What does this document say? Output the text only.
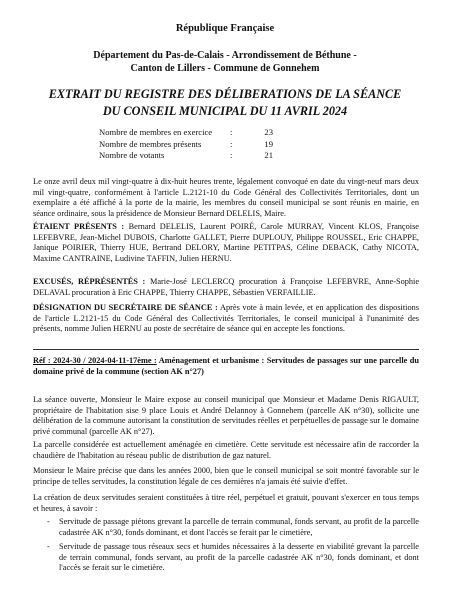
République Française
Département du Pas-de-Calais - Arrondissement de Béthune -
Canton de Lillers - Commune de Gonnehem
EXTRAIT DU REGISTRE DES DÉLIBERATIONS DE LA SÉANCE
DU CONSEIL MUNICIPAL DU 11 AVRIL 2024
Nombre de membres en exercice :	23
Nombre de membres présents	:	19
Nombre de votants	:	21

Le onze avril deux mil vingt-quatre à dix-huit heures trente, légalement convoqué en date du vingt-neuf mars deux mil vingt-quatre, conformément à l'article L.2121-10 du Code Général des Collectivités Territoriales, dont un exemplaire a été affiché à la porte de la mairie, les membres du conseil municipal se sont réunis en mairie, en séance ordinaire, sous la présidence de Monsieur Bernard DELELIS, Maire.

ÉTAIENT PRÉSENTS : Bernard DELELIS, Laurent POIRÉ, Carole MURRAY, Vincent KLOS, Françoise LEFEBVRE, Jean-Michel DUBOIS, Charlotte GALLET, Pierre DUPLOUY, Philippe ROUSSEL, Eric CHAPPE, Janique POIRIER, Thierry HUE, Bertrand DELORY, Martine PETITPAS, Céline DEBACK, Cathy NICOTA, Maxime CANTRAINE, Ludivine TAFFIN, Julien HERNU.

EXCUSÉS, RÉPRÉSENTÉS : Marie-José LECLERCQ procuration à Françoise LEFEBVRE, Anne-Sophie DELAVAL procuration à Eric CHAPPE, Thierry CHAPPE, Sébastien VERFAILLIE.

DÉSIGNATION DU SECRÉTAIRE DE SÉANCE : Après vote à main levée, et en application des dispositions de l'article L.2121-15 du Code Général des Collectivités Territoriales, le conseil municipal à l'unanimité des présents, nomme Julien HERNU au poste de secrétaire de séance qui en accepte les fonctions.

Réf : 2024-30 / 2024-04-11-17ème : Aménagement et urbanisme : Servitudes de passages sur une parcelle du domaine privé de la commune (section AK n°27)

La séance ouverte, Monsieur le Maire expose au conseil municipal que Monsieur et Madame Denis RIGAULT, propriétaire de l'habitation sise 9 place Louis et André Delannoy à Gonnehem (parcelle AK n°30), sollicite une délibération de la commune autorisant la constitution de servitudes réelles et perpétuelles de passage sur le domaine privé communal (parcelle AK n°27).

La parcelle considérée est actuellement aménagée en cimetière. Cette servitude est nécessaire afin de raccorder la chaudière de l'habitation au réseau public de distribution de gaz naturel.

Monsieur le Maire précise que dans les années 2000, bien que le conseil municipal se soit montré favorable sur le principe de telles servitudes, la constitution légale de ces dernières n'a jamais été suivie d'effet.

La création de deux servitudes seraient constituées à titre réel, perpétuel et gratuit, pouvant s'exercer en tous temps et heures, à savoir :

- Servitude de passage piétons grevant la parcelle de terrain communal, fonds servant, au profit de la parcelle cadastrée AK n°30, fonds dominant, et dont l'accès se ferait par le cimetière,
- Servitude de passage tous réseaux secs et humides nécessaires à la desserte en viabilité grevant la parcelle de terrain communal, fonds servant, au profit de la parcelle cadastrée AK n°30, fonds dominant, et dont l'accès se ferait sur le cimetière.
